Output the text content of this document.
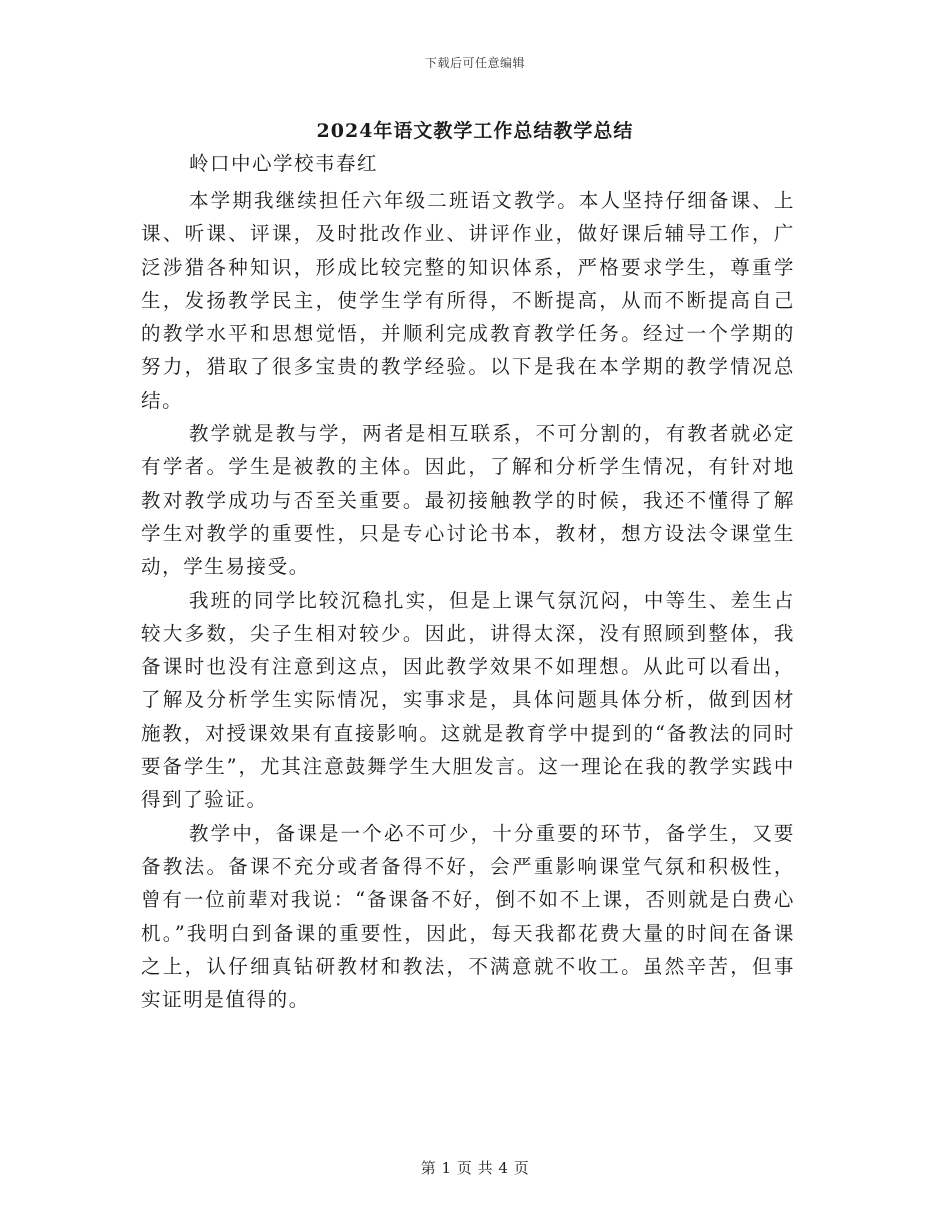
下载后可任意编辑
2024年语文教学工作总结教学总结
岭口中心学校韦春红

本学期我继续担任六年级二班语文教学。本人坚持仔细备课、上课、听课、评课，及时批改作业、讲评作业，做好课后辅导工作，广泛涉猎各种知识，形成比较完整的知识体系，严格要求学生，尊重学生，发扬教学民主，使学生学有所得，不断提高，从而不断提高自己的教学水平和思想觉悟，并顺利完成教育教学任务。经过一个学期的努力，猎取了很多宝贵的教学经验。以下是我在本学期的教学情况总结。

教学就是教与学，两者是相互联系，不可分割的，有教者就必定有学者。学生是被教的主体。因此，了解和分析学生情况，有针对地教对教学成功与否至关重要。最初接触教学的时候，我还不懂得了解学生对教学的重要性，只是专心讨论书本，教材，想方设法令课堂生动，学生易接受。

我班的同学比较沉稳扎实，但是上课气氛沉闷，中等生、差生占较大多数，尖子生相对较少。因此，讲得太深，没有照顾到整体，我备课时也没有注意到这点，因此教学效果不如理想。从此可以看出，了解及分析学生实际情况，实事求是，具体问题具体分析，做到因材施教，对授课效果有直接影响。这就是教育学中提到的“备教法的同时要备学生”，尤其注意鼓舞学生大胆发言。这一理论在我的教学实践中得到了验证。

教学中，备课是一个必不可少，十分重要的环节，备学生，又要备教法。备课不充分或者备得不好，会严重影响课堂气氛和积极性，曾有一位前辈对我说：“备课备不好，倒不如不上课，否则就是白费心机。”我明白到备课的重要性，因此，每天我都花费大量的时间在备课之上，认仔细真钻研教材和教法，不满意就不收工。虽然辛苦，但事实证明是值得的。

第 1 页 共 4 页
